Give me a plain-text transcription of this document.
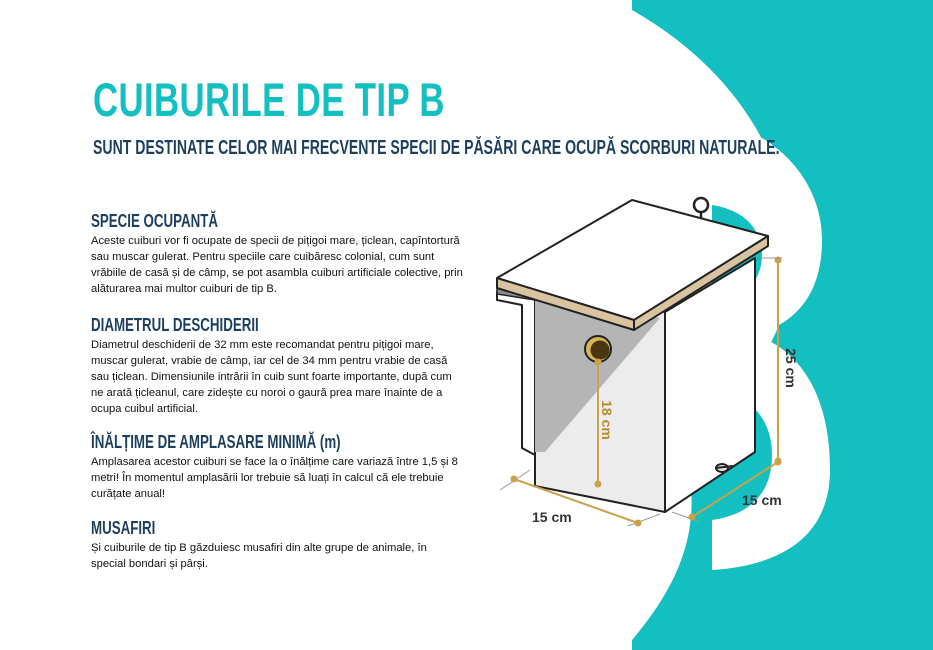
CUIBURILE DE TIP B

SUNT DESTINATE CELOR MAI FRECVENTE SPECII DE PĂSĂRI CARE OCUPĂ SCORBURI NATURALE.

SPECIE OCUPANTĂ

Aceste cuiburi vor fi ocupate de specii de pițigoi mare, țiclean, capîntortură sau muscar gulerat. Pentru speciile care cuibăresc colonial, cum sunt vrăbiile de casă și de câmp, se pot asambla cuiburi artificiale colective, prin alăturarea mai multor cuiburi de tip B.

DIAMETRUL DESCHIDERII

Diametrul deschiderii de 32 mm este recomandat pentru pițigoi mare, muscar gulerat, vrabie de câmp, iar cel de 34 mm pentru vrabie de casă sau țiclean. Dimensiunile intrării în cuib sunt foarte importante, după cum ne arată țicleanul, care zidește cu noroi o gaură prea mare înainte de a ocupa cuibul artificial.

ÎNĂLȚIME DE AMPLASARE MINIMĂ (m)

Amplasarea acestor cuiburi se face la o înălțime care variază între 1,5 și 8 metri! În momentul amplasării lor trebuie să luați în calcul că ele trebuie curățate anual!

MUSAFIRI

Și cuiburile de tip B găzduiesc musafiri din alte grupe de animale, în special bondari și pârși.

18 cm
25 cm
15 cm
15 cm
